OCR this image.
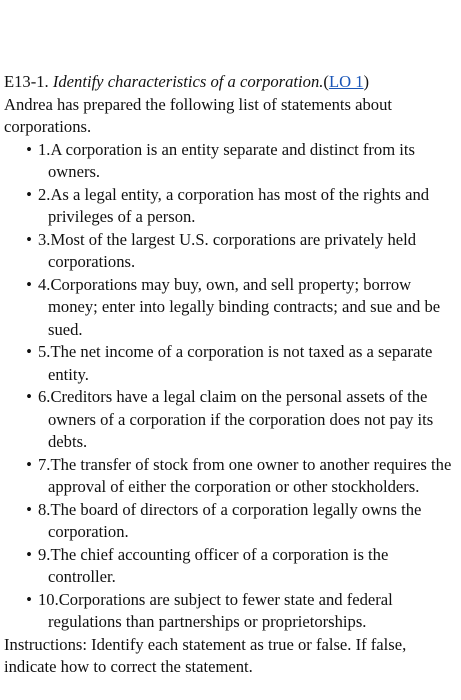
E13-1. Identify characteristics of a corporation.(LO 1)

Andrea has prepared the following list of statements about corporations.

• 1.A corporation is an entity separate and distinct from its owners.
• 2.As a legal entity, a corporation has most of the rights and privileges of a person.
• 3.Most of the largest U.S. corporations are privately held corporations.
• 4.Corporations may buy, own, and sell property; borrow money; enter into legally binding contracts; and sue and be sued.
• 5.The net income of a corporation is not taxed as a separate entity.
• 6.Creditors have a legal claim on the personal assets of the owners of a corporation if the corporation does not pay its debts.
• 7.The transfer of stock from one owner to another requires the approval of either the corporation or other stockholders.
• 8.The board of directors of a corporation legally owns the corporation.
• 9.The chief accounting officer of a corporation is the controller.
• 10.Corporations are subject to fewer state and federal regulations than partnerships or proprietorships.

Instructions: Identify each statement as true or false. If false, indicate how to correct the statement.
